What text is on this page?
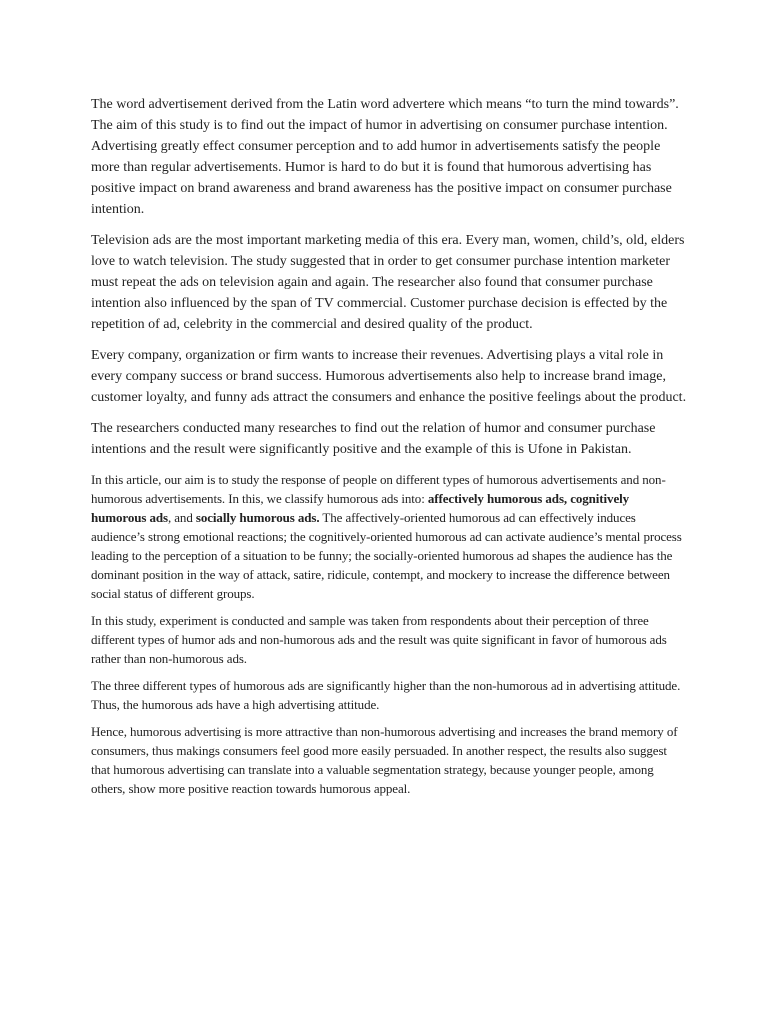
The word advertisement derived from the Latin word advertere which means “to turn the mind towards”. The aim of this study is to find out the impact of humor in advertising on consumer purchase intention. Advertising greatly effect consumer perception and to add humor in advertisements satisfy the people more than regular advertisements. Humor is hard to do but it is found that humorous advertising has positive impact on brand awareness and brand awareness has the positive impact on consumer purchase intention.

Television ads are the most important marketing media of this era. Every man, women, child’s, old, elders love to watch television. The study suggested that in order to get consumer purchase intention marketer must repeat the ads on television again and again. The researcher also found that consumer purchase intention also influenced by the span of TV commercial. Customer purchase decision is effected by the repetition of ad, celebrity in the commercial and desired quality of the product.

Every company, organization or firm wants to increase their revenues. Advertising plays a vital role in every company success or brand success. Humorous advertisements also help to increase brand image, customer loyalty, and funny ads attract the consumers and enhance the positive feelings about the product.

The researchers conducted many researches to find out the relation of humor and consumer purchase intentions and the result were significantly positive and the example of this is Ufone in Pakistan.

In this article, our aim is to study the response of people on different types of humorous advertisements and non-humorous advertisements. In this, we classify humorous ads into: affectively humorous ads, cognitively humorous ads, and socially humorous ads. The affectively-oriented humorous ad can effectively induces audience’s strong emotional reactions; the cognitively-oriented humorous ad can activate audience’s mental process leading to the perception of a situation to be funny; the socially-oriented humorous ad shapes the audience has the dominant position in the way of attack, satire, ridicule, contempt, and mockery to increase the difference between social status of different groups.

In this study, experiment is conducted and sample was taken from respondents about their perception of three different types of humor ads and non-humorous ads and the result was quite significant in favor of humorous ads rather than non-humorous ads.

The three different types of humorous ads are significantly higher than the non-humorous ad in advertising attitude. Thus, the humorous ads have a high advertising attitude.

Hence, humorous advertising is more attractive than non-humorous advertising and increases the brand memory of consumers, thus makings consumers feel good more easily persuaded. In another respect, the results also suggest that humorous advertising can translate into a valuable segmentation strategy, because younger people, among others, show more positive reaction towards humorous appeal.
